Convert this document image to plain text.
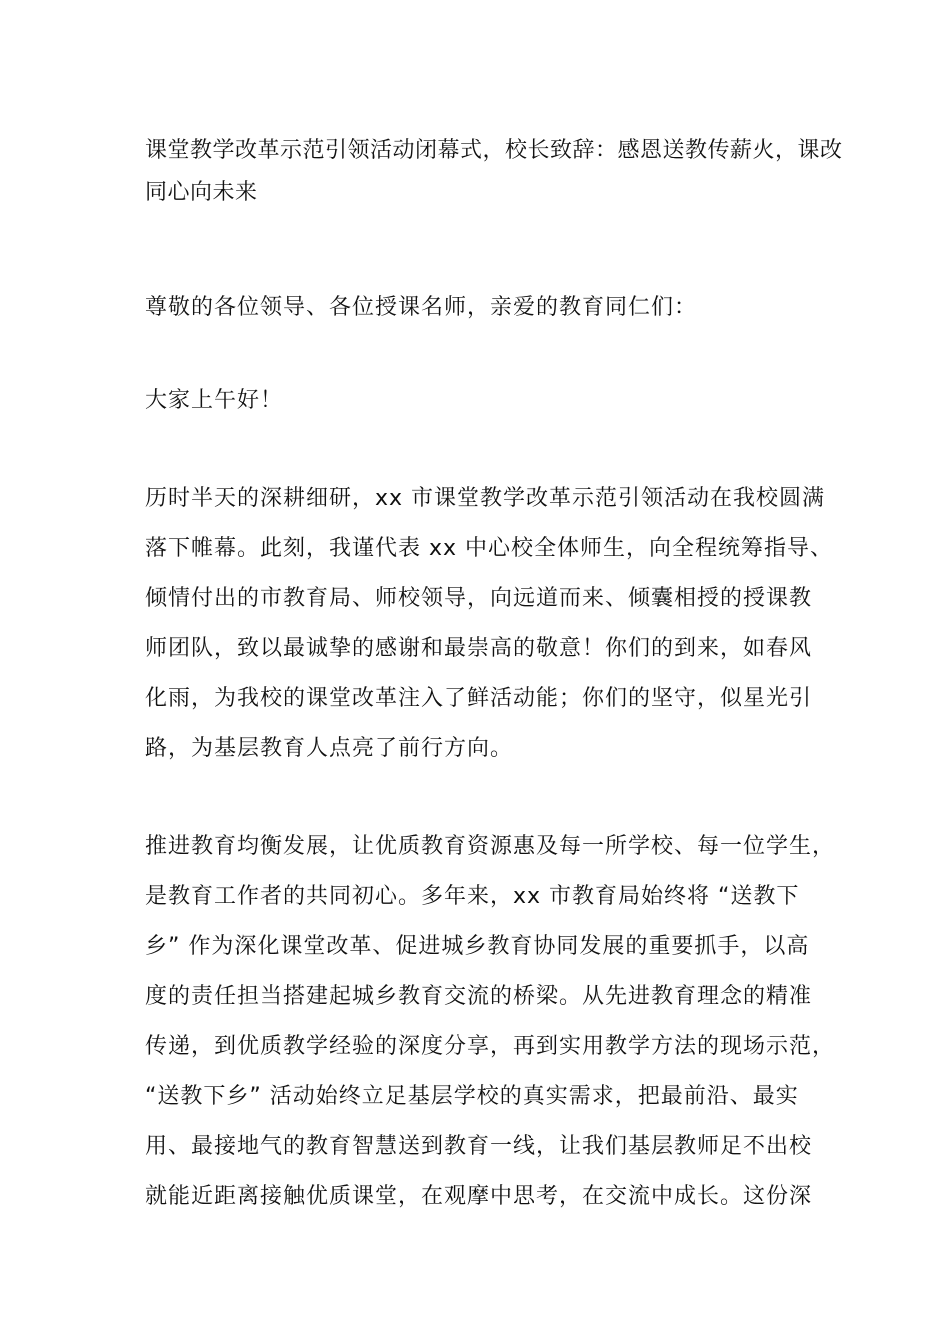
课堂教学改革示范引领活动闭幕式，校长致辞：感恩送教传薪火，课改同心向未来

尊敬的各位领导、各位授课名师，亲爱的教育同仁们：

大家上午好！

历时半天的深耕细研，xx 市课堂教学改革示范引领活动在我校圆满

落下帷幕。此刻，我谨代表 xx 中心校全体师生，向全程统筹指导、

倾情付出的市教育局、师校领导，向远道而来、倾囊相授的授课教

师团队，致以最诚挚的感谢和最崇高的敬意！你们的到来，如春风

化雨，为我校的课堂改革注入了鲜活动能；你们的坚守，似星光引

路，为基层教育人点亮了前行方向。

推进教育均衡发展，让优质教育资源惠及每一所学校、每一位学生，

是教育工作者的共同初心。多年来，xx 市教育局始终将 “送教下

乡” 作为深化课堂改革、促进城乡教育协同发展的重要抓手，以高

度的责任担当搭建起城乡教育交流的桥梁。从先进教育理念的精准

传递，到优质教学经验的深度分享，再到实用教学方法的现场示范，

“送教下乡” 活动始终立足基层学校的真实需求，把最前沿、最实

用、最接地气的教育智慧送到教育一线，让我们基层教师足不出校

就能近距离接触优质课堂，在观摩中思考，在交流中成长。这份深
